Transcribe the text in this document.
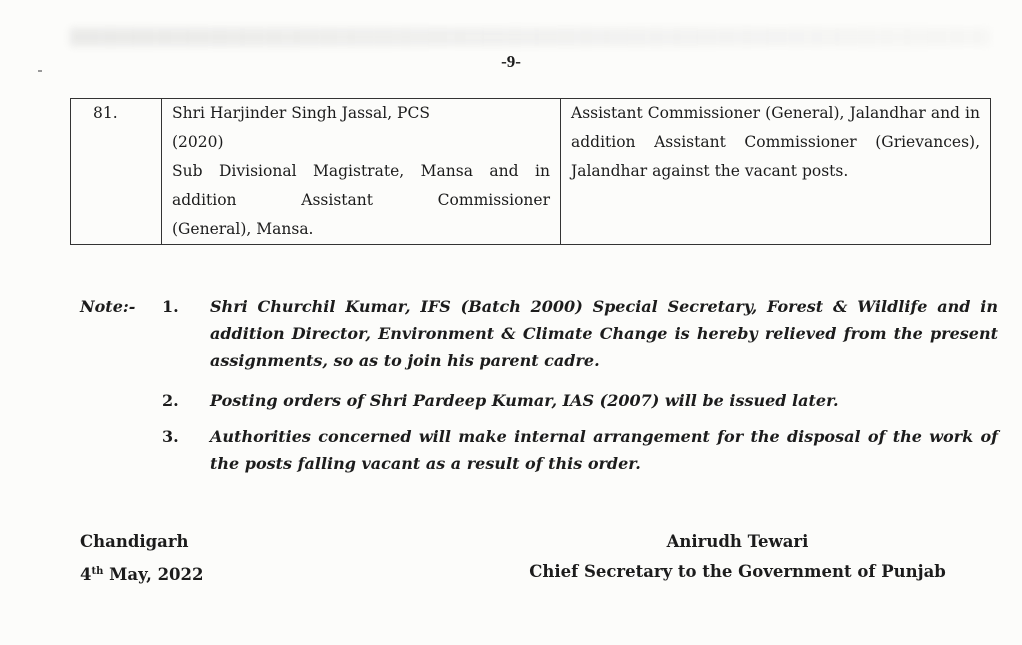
-9-
81.	Shri Harjinder Singh Jassal, PCS
(2020)
Sub Divisional Magistrate, Mansa and in
addition Assistant Commissioner
(General), Mansa.
	Assistant Commissioner (General), Jalandhar and in addition Assistant Commissioner (Grievances), Jalandhar against the vacant posts.
Note:- 1. Shri Churchil Kumar, IFS (Batch 2000) Special Secretary, Forest & Wildlife and in addition Director, Environment & Climate Change is hereby relieved from the present assignments, so as to join his parent cadre.
2. Posting orders of Shri Pardeep Kumar, IAS (2007) will be issued later.
3. Authorities concerned will make internal arrangement for the disposal of the work of the posts falling vacant as a result of this order.
Chandigarh
4th May, 2022
Anirudh Tewari
Chief Secretary to the Government of Punjab
